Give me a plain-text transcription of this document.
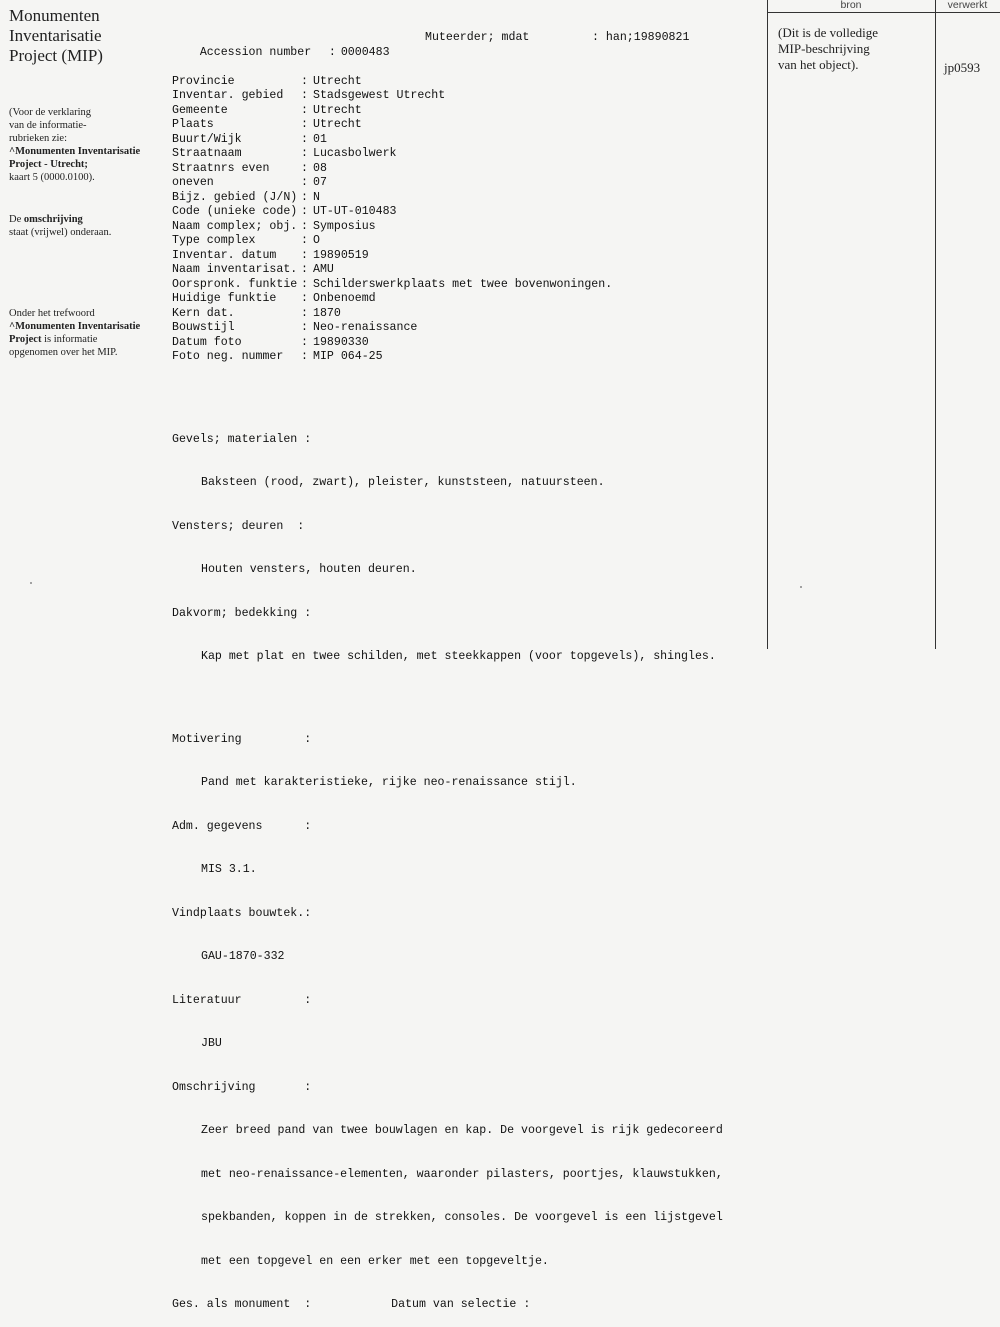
Monumenten
Inventarisatie
Project (MIP)
(Voor de verklaring
van de informatie-
rubrieken zie:
^Monumenten Inventarisatie
Project - Utrecht;
kaart 5 (0000.0100).
De omschrijving
staat (vrijwel) onderaan.
Onder het trefwoord
^Monumenten Inventarisatie
Project is informatie
opgenomen over het MIP.

Accession number : 0000483

Muteerder; mdat

	: han;19890821

Provincie	: Utrecht
Inventar. gebied : Stadsgewest Utrecht
Gemeente	: Utrecht
Plaats	: Utrecht
Buurt/Wijk	: 01
Straatnaam	: Lucasbolwerk
Straatnrs even	: 08
oneven	: 07
Bijz. gebied (J/N) : N
Code (unieke code) : UT-UT-010483
Naam complex; obj. : Symposius
Type complex	: O
Inventar. datum : 19890519
Naam inventarisat. : AMU
Oorspronk. funktie : Schilderswerkplaats met twee bovenwoningen.
Huidige funktie : Onbenoemd
Kern dat.	: 1870
Bouwstijl	: Neo-renaissance
Datum foto	: 19890330
Foto neg. nummer : MIP 064-25

Gevels; materialen :

Baksteen (rood, zwart), pleister, kunststeen, natuursteen.

Vensters; deuren  :

Houten vensters, houten deuren.

Dakvorm; bedekking :

Kap met plat en twee schilden, met steekkappen (voor topgevels), shingles.

Motivering         :

Pand met karakteristieke, rijke neo-renaissance stijl.

Adm. gegevens      :

MIS 3.1.

Vindplaats bouwtek.:

GAU-1870-332

Literatuur         :

JBU

Omschrijving       :

Zeer breed pand van twee bouwlagen en kap. De voorgevel is rijk gedecoreerd

met neo-renaissance-elementen, waaronder pilasters, poortjes, klauwstukken,

spekbanden, koppen in de strekken, consoles. De voorgevel is een lijstgevel

met een topgevel en een erker met een topgeveltje.

Ges. als monument  :	Datum van selectie :

bron	verwerkt
(Dit is de volledige
MIP-beschrijving
van het object).	jp0593
